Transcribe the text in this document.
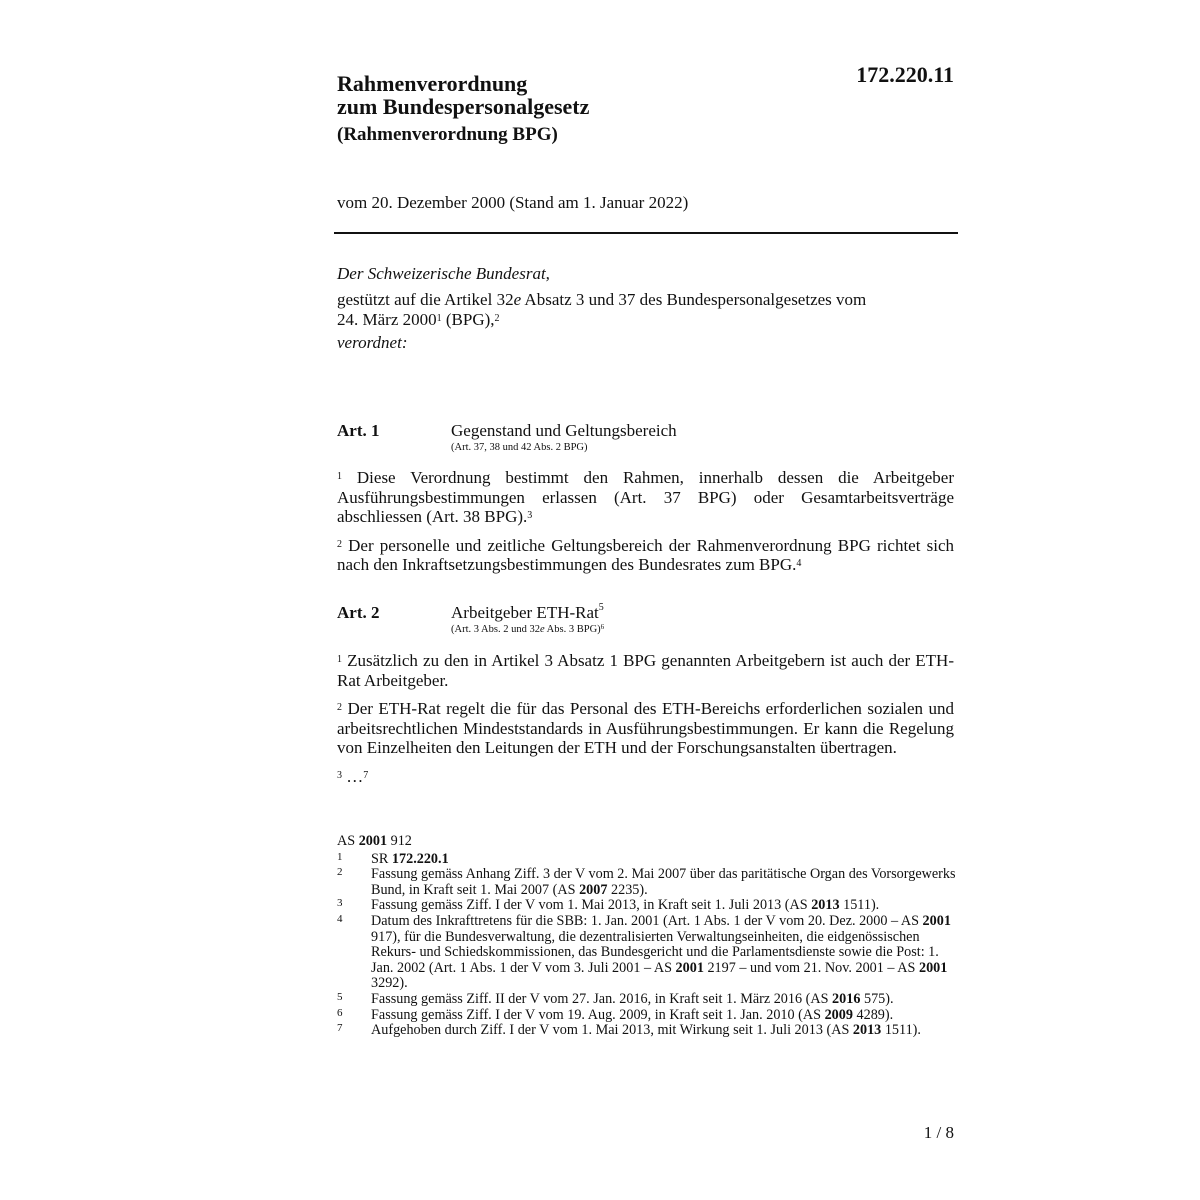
Rahmenverordnung
zum Bundespersonalgesetz
(Rahmenverordnung BPG)
172.220.11
vom 20. Dezember 2000 (Stand am 1. Januar 2022)

Der Schweizerische Bundesrat,

gestützt auf die Artikel 32e Absatz 3 und 37 des Bundespersonalgesetzes vom
24. März 2000$^1$ (BPG),$^2$

verordnet:

Art. 1	Gegenstand und Geltungsbereich
(Art. 37, 38 und 42 Abs. 2 BPG)

$^1$ Diese Verordnung bestimmt den Rahmen, innerhalb dessen die Arbeitgeber Ausführungsbestimmungen erlassen (Art. 37 BPG) oder Gesamtarbeitsverträge abschliessen (Art. 38 BPG).$^3$

$^2$ Der personelle und zeitliche Geltungsbereich der Rahmenverordnung BPG richtet sich nach den Inkraftsetzungsbestimmungen des Bundesrates zum BPG.$^4$

Art. 2	Arbeitgeber ETH-Rat$^5$
(Art. 3 Abs. 2 und 32e Abs. 3 BPG)$^6$

$^1$ Zusätzlich zu den in Artikel 3 Absatz 1 BPG genannten Arbeitgebern ist auch der ETH-Rat Arbeitgeber.

$^2$ Der ETH-Rat regelt die für das Personal des ETH-Bereichs erforderlichen sozialen und arbeitsrechtlichen Mindeststandards in Ausführungsbestimmungen. Er kann die Regelung von Einzelheiten den Leitungen der ETH und der Forschungsanstalten übertragen.

$^3$ …$^7$

AS 2001 912
1 SR 172.220.1
2 Fassung gemäss Anhang Ziff. 3 der V vom 2. Mai 2007 über das paritätische Organ des Vorsorgewerks Bund, in Kraft seit 1. Mai 2007 (AS 2007 2235).
3 Fassung gemäss Ziff. I der V vom 1. Mai 2013, in Kraft seit 1. Juli 2013 (AS 2013 1511).
4 Datum des Inkrafttretens für die SBB: 1. Jan. 2001 (Art. 1 Abs. 1 der V vom 20. Dez. 2000 – AS 2001 917), für die Bundesverwaltung, die dezentralisierten Verwaltungseinheiten, die eidgenössischen Rekurs- und Schiedskommissionen, das Bundesgericht und die Parlamentsdienste sowie die Post: 1. Jan. 2002 (Art. 1 Abs. 1 der V vom 3. Juli 2001 – AS 2001 2197 – und vom 21. Nov. 2001 – AS 2001 3292).
5 Fassung gemäss Ziff. II der V vom 27. Jan. 2016, in Kraft seit 1. März 2016 (AS 2016 575).
6 Fassung gemäss Ziff. I der V vom 19. Aug. 2009, in Kraft seit 1. Jan. 2010 (AS 2009 4289).
7 Aufgehoben durch Ziff. I der V vom 1. Mai 2013, mit Wirkung seit 1. Juli 2013 (AS 2013 1511).
1 / 8
